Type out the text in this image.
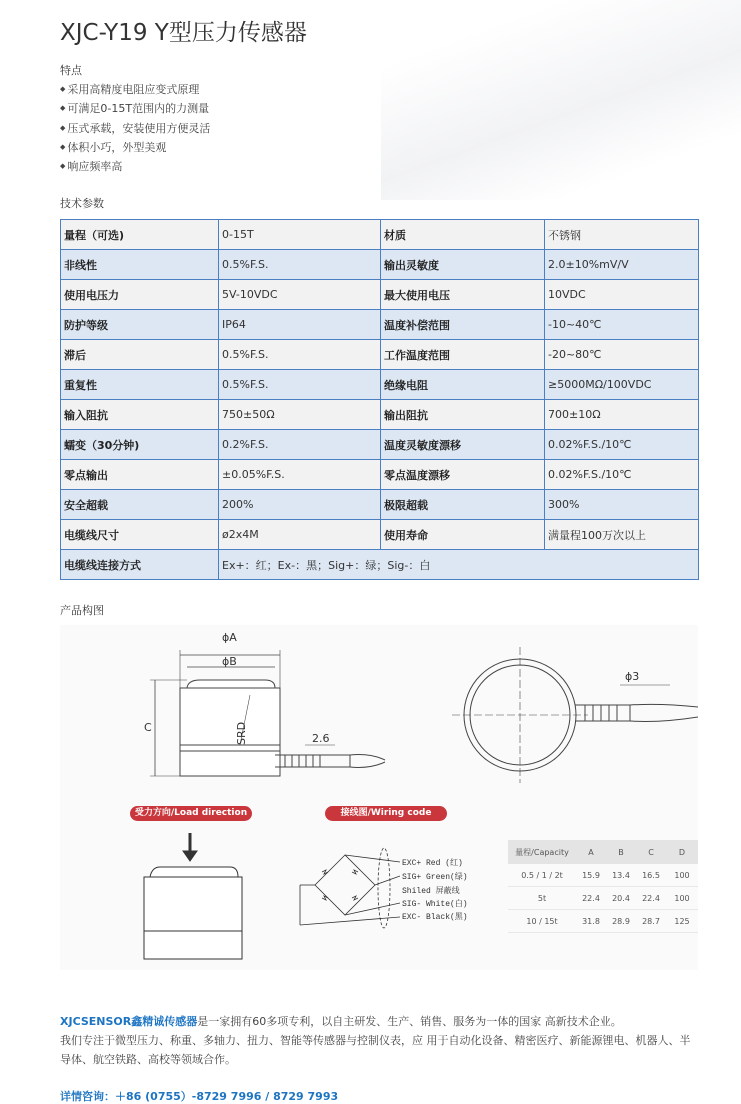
XJC-Y19 Y型压力传感器
特点
◆ 采用高精度电阻应变式原理
◆ 可满足0-15T范围内的力测量
◆ 压式承载，安装使用方便灵活
◆ 体积小巧，外型美观
◆ 响应频率高
技术参数
量程（可选)	0-15T	材质	不锈钢
非线性	0.5%F.S.	输出灵敏度	2.0±10%mV/V
使用电压力	5V-10VDC	最大使用电压	10VDC
防护等级	IP64	温度补偿范围	-10~40℃
滞后	0.5%F.S.	工作温度范围	-20~80℃
重复性	0.5%F.S.	绝缘电阻	≥5000MΩ/100VDC
输入阻抗	750±50Ω	输出阻抗	700±10Ω
蠕变（30分钟)	0.2%F.S.	温度灵敏度漂移	0.02%F.S./10℃
零点输出	±0.05%F.S.	零点温度漂移	0.02%F.S./10℃
安全超载	200%	极限超载	300%
电缆线尺寸	ø2x4M	使用寿命	满量程100万次以上
电缆线连接方式	Ex+：红；Ex-：黑；Sig+：绿；Sig-：白		
产品构图
ϕA
ϕB
C	SRD	2.6
ϕ3
EXC+ Red (红)
SIG+ Green(绿)
Shiled 屏蔽线
SIG- White(白)
EXC- Black(黑)
受力方向/Load direction	接线图/Wiring code
量程/Capacity	A	B	C	D
0.5 / 1 / 2t	15.9	13.4	16.5	100
5t	22.4	20.4	22.4	100
10 / 15t	31.8	28.9	28.7	125
XJCSENSOR鑫精诚传感器是一家拥有60多项专利，以自主研发、生产、销售、服务为一体的国家 高新技术企业。
我们专注于微型压力、称重、多轴力、扭力、智能等传感器与控制仪表，应 用于自动化设备、精密医疗、新能源锂电、机器人、半导体、航空铁路、高校等领域合作。
详情咨询：＋86 (0755）-8729 7996 / 8729 7993
